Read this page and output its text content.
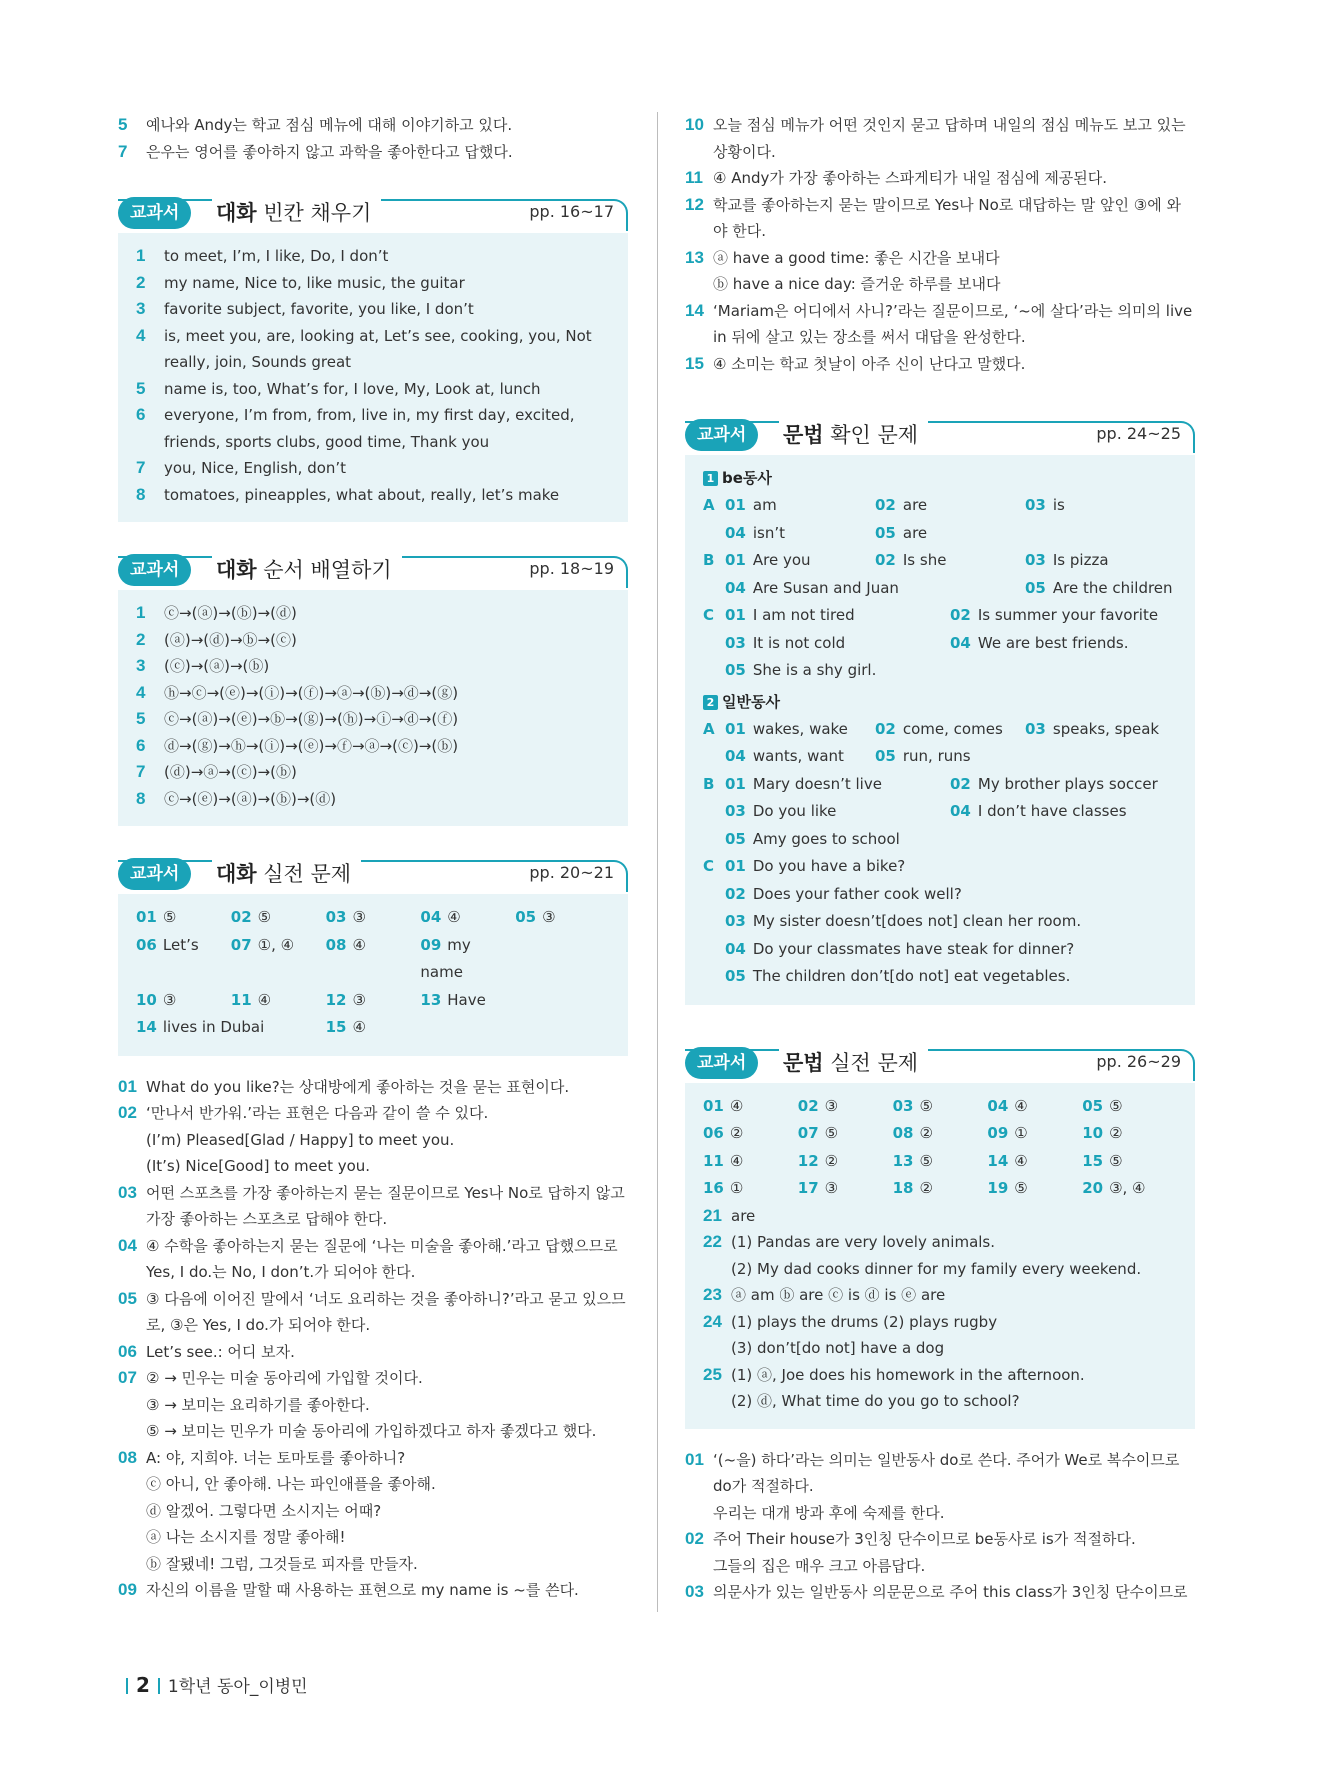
5	예나와 Andy는 학교 점심 메뉴에 대해 이야기하고 있다.
7	은우는 영어를 좋아하지 않고 과학을 좋아한다고 답했다.
교과서	대화 빈칸 채우기	pp. 16~17
1	to meet, I’m, I like, Do, I don’t
2	my name, Nice to, like music, the guitar
3	favorite subject, favorite, you like, I don’t
4	is, meet you, are, looking at, Let’s see, cooking, you, Not really, join, Sounds great
5	name is, too, What’s for, I love, My, Look at, lunch
6	everyone, I’m from, from, live in, my first day, excited, friends, sports clubs, good time, Thank you
7	you, Nice, English, don’t
8	tomatoes, pineapples, what about, really, let’s make
교과서	대화 순서 배열하기	pp. 18~19
1	ⓒ→(ⓐ)→(ⓑ)→(ⓓ)
2	(ⓐ)→(ⓓ)→ⓑ→(ⓒ)
3	(ⓒ)→(ⓐ)→(ⓑ)
4	ⓗ→ⓒ→(ⓔ)→(ⓘ)→(ⓕ)→ⓐ→(ⓑ)→ⓓ→(ⓖ)
5	ⓒ→(ⓐ)→(ⓔ)→ⓑ→(ⓖ)→(ⓗ)→ⓘ→ⓓ→(ⓕ)
6	ⓓ→(ⓖ)→ⓗ→(ⓘ)→(ⓔ)→ⓕ→ⓐ→(ⓒ)→(ⓑ)
7	(ⓓ)→ⓐ→(ⓒ)→(ⓑ)
8	ⓒ→(ⓔ)→(ⓐ)→(ⓑ)→(ⓓ)
교과서	대화 실전 문제	pp. 20~21
01 ⑤	02 ⑤	03 ③	04 ④	05 ③
06 Let’s	07 ①, ④	08 ④	09 my name
10 ③	11 ④	12 ③	13 Have
14 lives in Dubai	15 ④
01 What do you like?는 상대방에게 좋아하는 것을 묻는 표현이다.
02 ‘만나서 반가워.’라는 표현은 다음과 같이 쓸 수 있다.
(I’m) Pleased[Glad / Happy] to meet you.
(It’s) Nice[Good] to meet you.
03 어떤 스포츠를 가장 좋아하는지 묻는 질문이므로 Yes나 No로 답하지 않고 가장 좋아하는 스포츠로 답해야 한다.
04 ④ 수학을 좋아하는지 묻는 질문에 ‘나는 미술을 좋아해.’라고 답했으므로 Yes, I do.는 No, I don’t.가 되어야 한다.
05 ③ 다음에 이어진 말에서 ‘너도 요리하는 것을 좋아하니?’라고 묻고 있으므로, ③은 Yes, I do.가 되어야 한다.
06 Let’s see.: 어디 보자.
07 ② → 민우는 미술 동아리에 가입할 것이다.
③ → 보미는 요리하기를 좋아한다.
⑤ → 보미는 민우가 미술 동아리에 가입하겠다고 하자 좋겠다고 했다.
08 A: 야, 지희야. 너는 토마토를 좋아하니?
ⓒ 아니, 안 좋아해. 나는 파인애플을 좋아해.
ⓓ 알겠어. 그렇다면 소시지는 어때?
ⓐ 나는 소시지를 정말 좋아해!
ⓑ 잘됐네! 그럼, 그것들로 피자를 만들자.
09 자신의 이름을 말할 때 사용하는 표현으로 my name is ~를 쓴다.
10 오늘 점심 메뉴가 어떤 것인지 묻고 답하며 내일의 점심 메뉴도 보고 있는 상황이다.
11 ④ Andy가 가장 좋아하는 스파게티가 내일 점심에 제공된다.
12 학교를 좋아하는지 묻는 말이므로 Yes나 No로 대답하는 말 앞인 ③에 와야 한다.
13 ⓐ have a good time: 좋은 시간을 보내다
ⓑ have a nice day: 즐거운 하루를 보내다
14 ‘Mariam은 어디에서 사니?’라는 질문이므로, ‘~에 살다’라는 의미의 live in 뒤에 살고 있는 장소를 써서 대답을 완성한다.
15 ④ 소미는 학교 첫날이 아주 신이 난다고 말했다.
교과서	문법 확인 문제	pp. 24~25
1 be동사
A 01 am	02 are	03 is
04 isn’t	05 are
B 01 Are you	02 Is she	03 Is pizza
04 Are Susan and Juan	05 Are the children
C 01 I am not tired	02 Is summer your favorite
03 It is not cold	04 We are best friends.
05 She is a shy girl.
2 일반동사
A 01 wakes, wake	02 come, comes	03 speaks, speak
04 wants, want	05 run, runs
B 01 Mary doesn’t live	02 My brother plays soccer
03 Do you like	04 I don’t have classes
05 Amy goes to school
C 01 Do you have a bike?
02 Does your father cook well?
03 My sister doesn’t[does not] clean her room.
04 Do your classmates have steak for dinner?
05 The children don’t[do not] eat vegetables.
교과서	문법 실전 문제	pp. 26~29
01 ④	02 ③	03 ⑤	04 ④	05 ⑤
06 ②	07 ⑤	08 ②	09 ①	10 ②
11 ④	12 ②	13 ⑤	14 ④	15 ⑤
16 ①	17 ③	18 ②	19 ⑤	20 ③, ④
21 are
22 (1) Pandas are very lovely animals.
(2) My dad cooks dinner for my family every weekend.
23 ⓐ am ⓑ are ⓒ is ⓓ is ⓔ are
24 (1) plays the drums (2) plays rugby
(3) don’t[do not] have a dog
25 (1) ⓐ, Joe does his homework in the afternoon.
(2) ⓓ, What time do you go to school?
01 ‘(~을) 하다’라는 의미는 일반동사 do로 쓴다. 주어가 We로 복수이므로 do가 적절하다.
우리는 대개 방과 후에 숙제를 한다.
02 주어 Their house가 3인칭 단수이므로 be동사로 is가 적절하다.
그들의 집은 매우 크고 아름답다.
03 의문사가 있는 일반동사 의문문으로 주어 this class가 3인칭 단수이므로
2 1학년 동아_이병민
